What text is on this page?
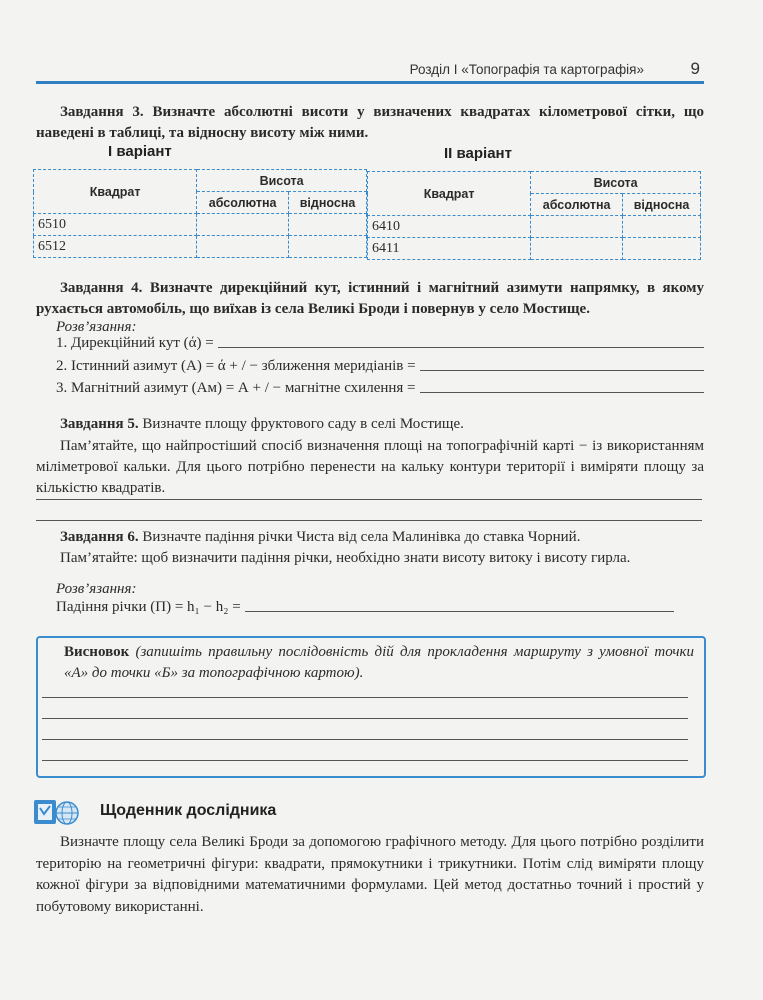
Розділ І «Топографія та картографія»	9
Завдання 3. Визначте абсолютні висоти у визначених квадратах кілометрової сітки, що наведені в таблиці, та відносну висоту між ними.
І варіант	ІІ варіант
Квадрат	Висота	
	абсолютна	відносна
6510		
6512		
Квадрат	Висота	
	абсолютна	відносна
6410		
6411		
Завдання 4. Визначте дирекційний кут, істинний і магнітний азимути напрямку, в якому рухається автомобіль, що виїхав із села Великі Броди і повернув у село Мостище.
Розв’язання:
1. Дирекційний кут (ά) =
2. Істинний азимут (А) = ά + / − зближення меридіанів =
3. Магнітний азимут (Ам) = А + / − магнітне схилення =
Завдання 5. Визначте площу фруктового саду в селі Мостище.
Пам’ятайте, що найпростіший спосіб визначення площі на топографічній карті − із використанням міліметрової кальки. Для цього потрібно перенести на кальку контури території і виміряти площу за кількістю квадратів.
Завдання 6. Визначте падіння річки Чиста від села Малинівка до ставка Чорний.
Пам’ятайте: щоб визначити падіння річки, необхідно знати висоту витоку і висоту гирла.
Розв’язання:
Падіння річки (П) = h₁ − h₂ =
Висновок (запишіть правильну послідовність дій для прокладення маршруту з умовної точки «А» до точки «Б» за топографічною картою).
Щоденник дослідника
Визначте площу села Великі Броди за допомогою графічного методу. Для цього потрібно розділити територію на геометричні фігури: квадрати, прямокутники і трикутники. Потім слід виміряти площу кожної фігури за відповідними математичними формулами. Цей метод достатньо точний і простий у побутовому використанні.
